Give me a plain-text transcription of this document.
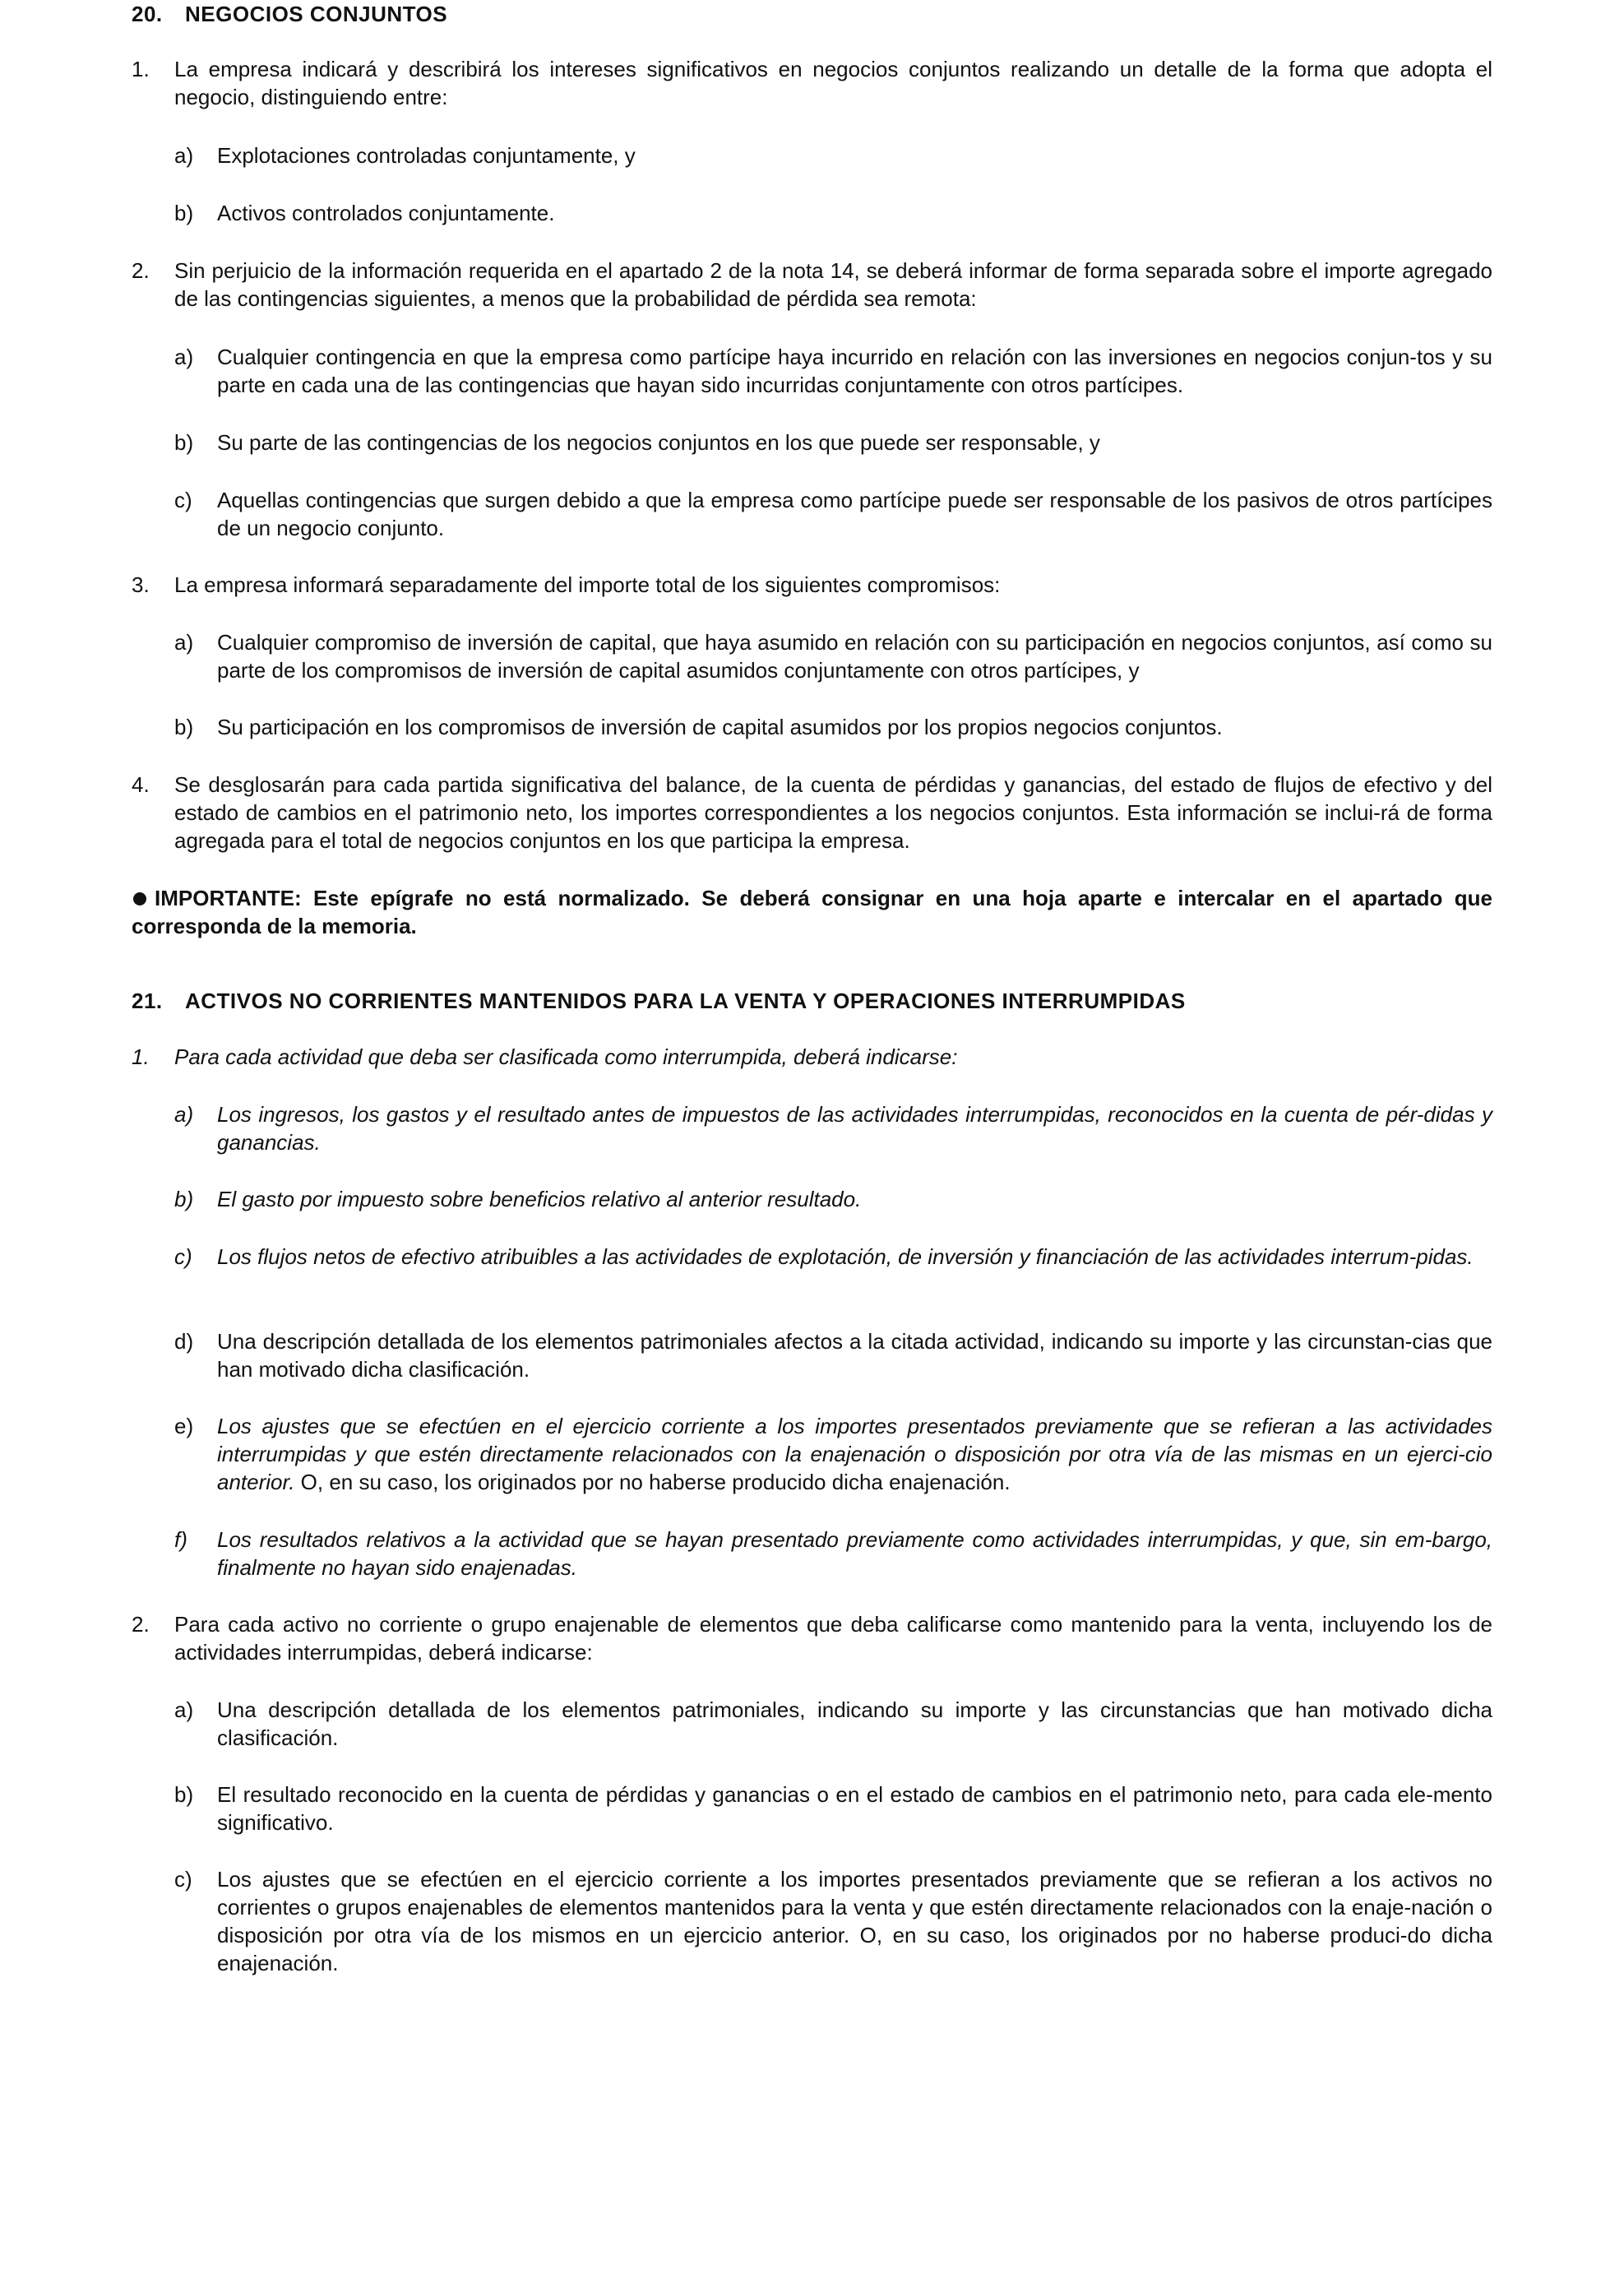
20.	NEGOCIOS CONJUNTOS
1.	La empresa indicará y describirá los intereses significativos en negocios conjuntos realizando un detalle de la forma que adopta el negocio, distinguiendo entre:
a)	Explotaciones controladas conjuntamente, y
b)	Activos controlados conjuntamente.
2.	Sin perjuicio de la información requerida en el apartado 2 de la nota 14, se deberá informar de forma separada sobre el importe agregado de las contingencias siguientes, a menos que la probabilidad de pérdida sea remota:
a)	Cualquier contingencia en que la empresa como partícipe haya incurrido en relación con las inversiones en negocios conjun-tos y su parte en cada una de las contingencias que hayan sido incurridas conjuntamente con otros partícipes.
b)	Su parte de las contingencias de los negocios conjuntos en los que puede ser responsable, y
c)	Aquellas contingencias que surgen debido a que la empresa como partícipe puede ser responsable de los pasivos de otros partícipes de un negocio conjunto.
3.	La empresa informará separadamente del importe total de los siguientes compromisos:
a)	Cualquier compromiso de inversión de capital, que haya asumido en relación con su participación en negocios conjuntos, así como su parte de los compromisos de inversión de capital asumidos conjuntamente con otros partícipes, y
b)	Su participación en los compromisos de inversión de capital asumidos por los propios negocios conjuntos.
4.	Se desglosarán para cada partida significativa del balance, de la cuenta de pérdidas y ganancias, del estado de flujos de efectivo y del estado de cambios en el patrimonio neto, los importes correspondientes a los negocios conjuntos. Esta información se inclui-rá de forma agregada para el total de negocios conjuntos en los que participa la empresa.
IMPORTANTE: Este epígrafe no está normalizado. Se deberá consignar en una hoja aparte e intercalar en el apartado que corresponda de la memoria.
21.	ACTIVOS NO CORRIENTES MANTENIDOS PARA LA VENTA Y OPERACIONES INTERRUMPIDAS
1.	Para cada actividad que deba ser clasificada como interrumpida, deberá indicarse:
a)	Los ingresos, los gastos y el resultado antes de impuestos de las actividades interrumpidas, reconocidos en la cuenta de pér-didas y ganancias.
b)	El gasto por impuesto sobre beneficios relativo al anterior resultado.
c)	Los flujos netos de efectivo atribuibles a las actividades de explotación, de inversión y financiación de las actividades interrum-pidas.
d)	Una descripción detallada de los elementos patrimoniales afectos a la citada actividad, indicando su importe y las circunstan-cias que han motivado dicha clasificación.
e)	Los ajustes que se efectúen en el ejercicio corriente a los importes presentados previamente que se refieran a las actividades interrumpidas y que estén directamente relacionados con la enajenación o disposición por otra vía de las mismas en un ejerci-cio anterior. O, en su caso, los originados por no haberse producido dicha enajenación.
f)	Los resultados relativos a la actividad que se hayan presentado previamente como actividades interrumpidas, y que, sin em-bargo, finalmente no hayan sido enajenadas.
2.	Para cada activo no corriente o grupo enajenable de elementos que deba calificarse como mantenido para la venta, incluyendo los de actividades interrumpidas, deberá indicarse:
a)	Una descripción detallada de los elementos patrimoniales, indicando su importe y las circunstancias que han motivado dicha clasificación.
b)	El resultado reconocido en la cuenta de pérdidas y ganancias o en el estado de cambios en el patrimonio neto, para cada ele-mento significativo.
c)	Los ajustes que se efectúen en el ejercicio corriente a los importes presentados previamente que se refieran a los activos no corrientes o grupos enajenables de elementos mantenidos para la venta y que estén directamente relacionados con la enaje-nación o disposición por otra vía de los mismos en un ejercicio anterior. O, en su caso, los originados por no haberse produci-do dicha enajenación.
